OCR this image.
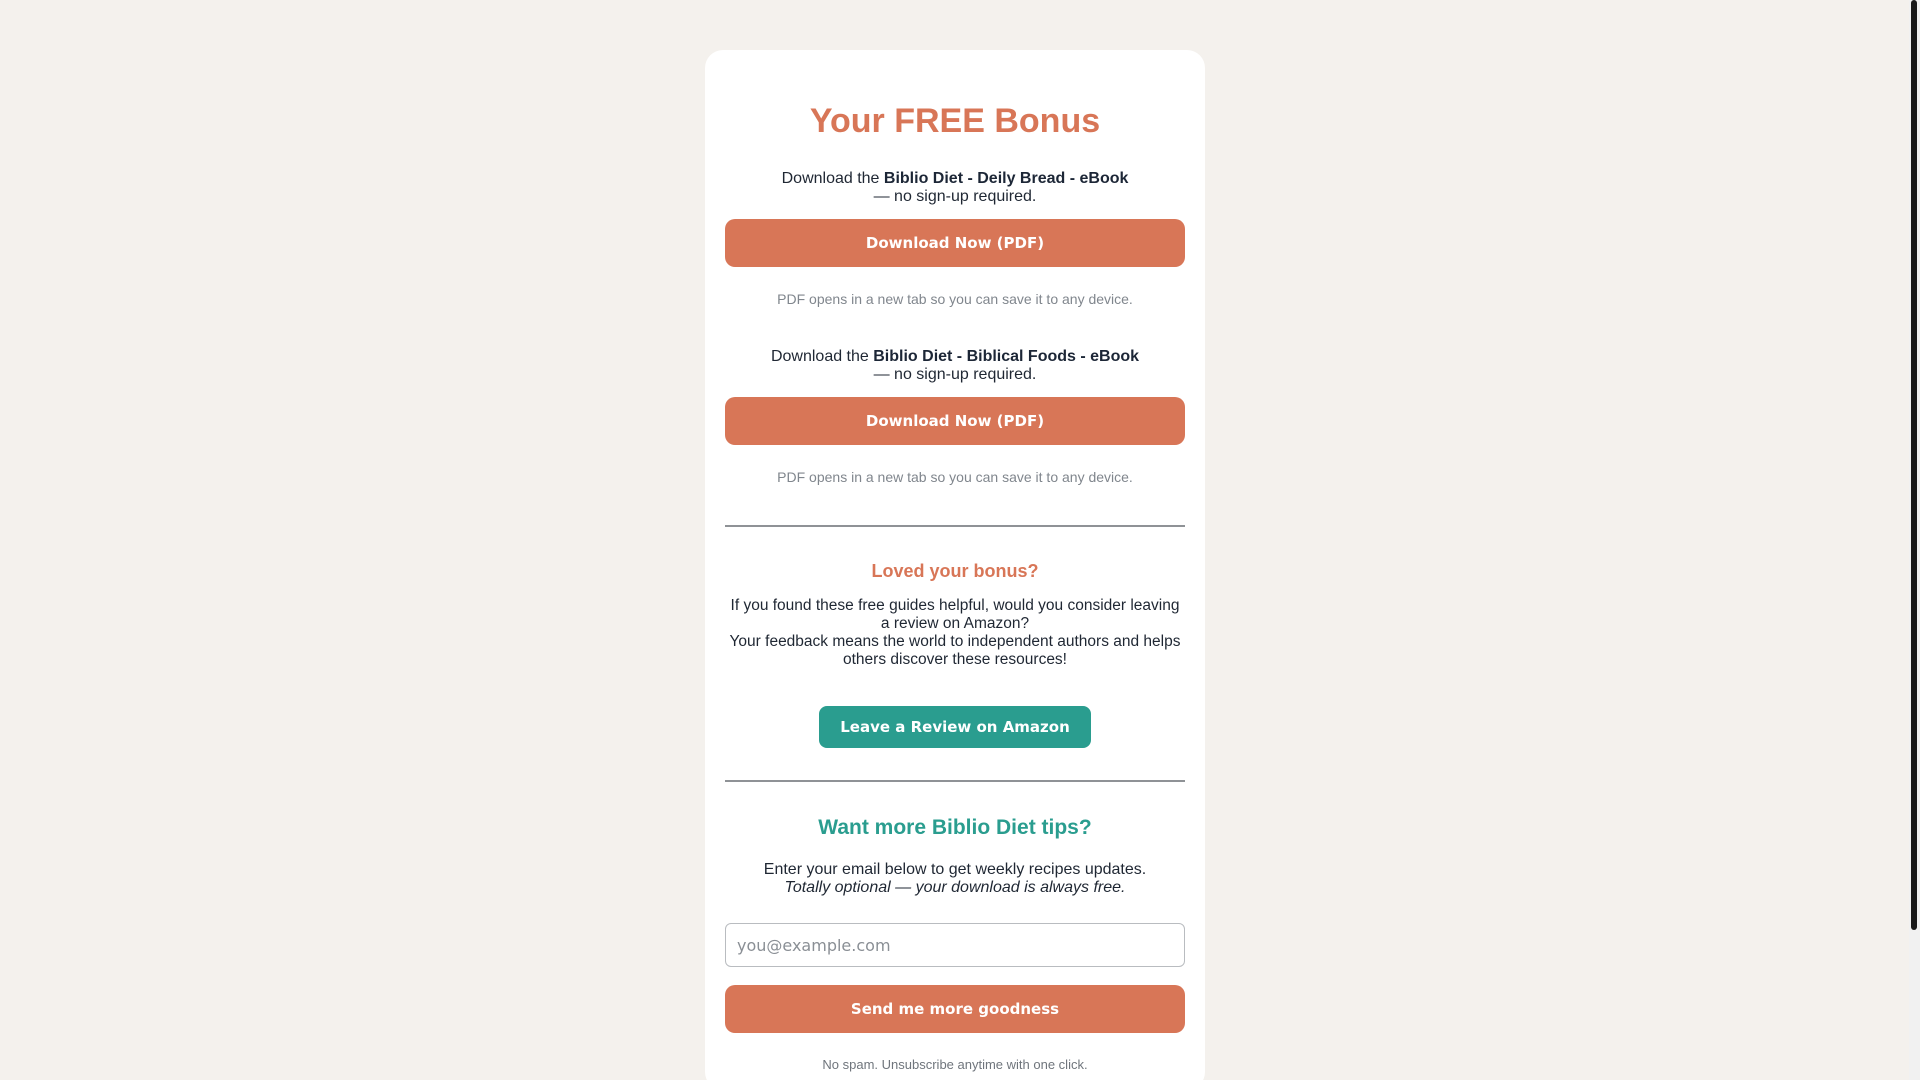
Your FREE Bonus
Download the Biblio Diet - Deily Bread - eBook
— no sign-up required.
Download Now (PDF)

PDF opens in a new tab so you can save it to any device.

Download the Biblio Diet - Biblical Foods - eBook
— no sign-up required.
Download Now (PDF)

PDF opens in a new tab so you can save it to any device.

Loved your bonus?
If you found these free guides helpful, would you consider leaving a review on Amazon?
Your feedback means the world to independent authors and helps others discover these resources!
Leave a Review on Amazon
Want more Biblio Diet tips?
Enter your email below to get weekly recipes updates.
Totally optional — your download is always free.
you@example.com
Send me more goodness

No spam. Unsubscribe anytime with one click.
